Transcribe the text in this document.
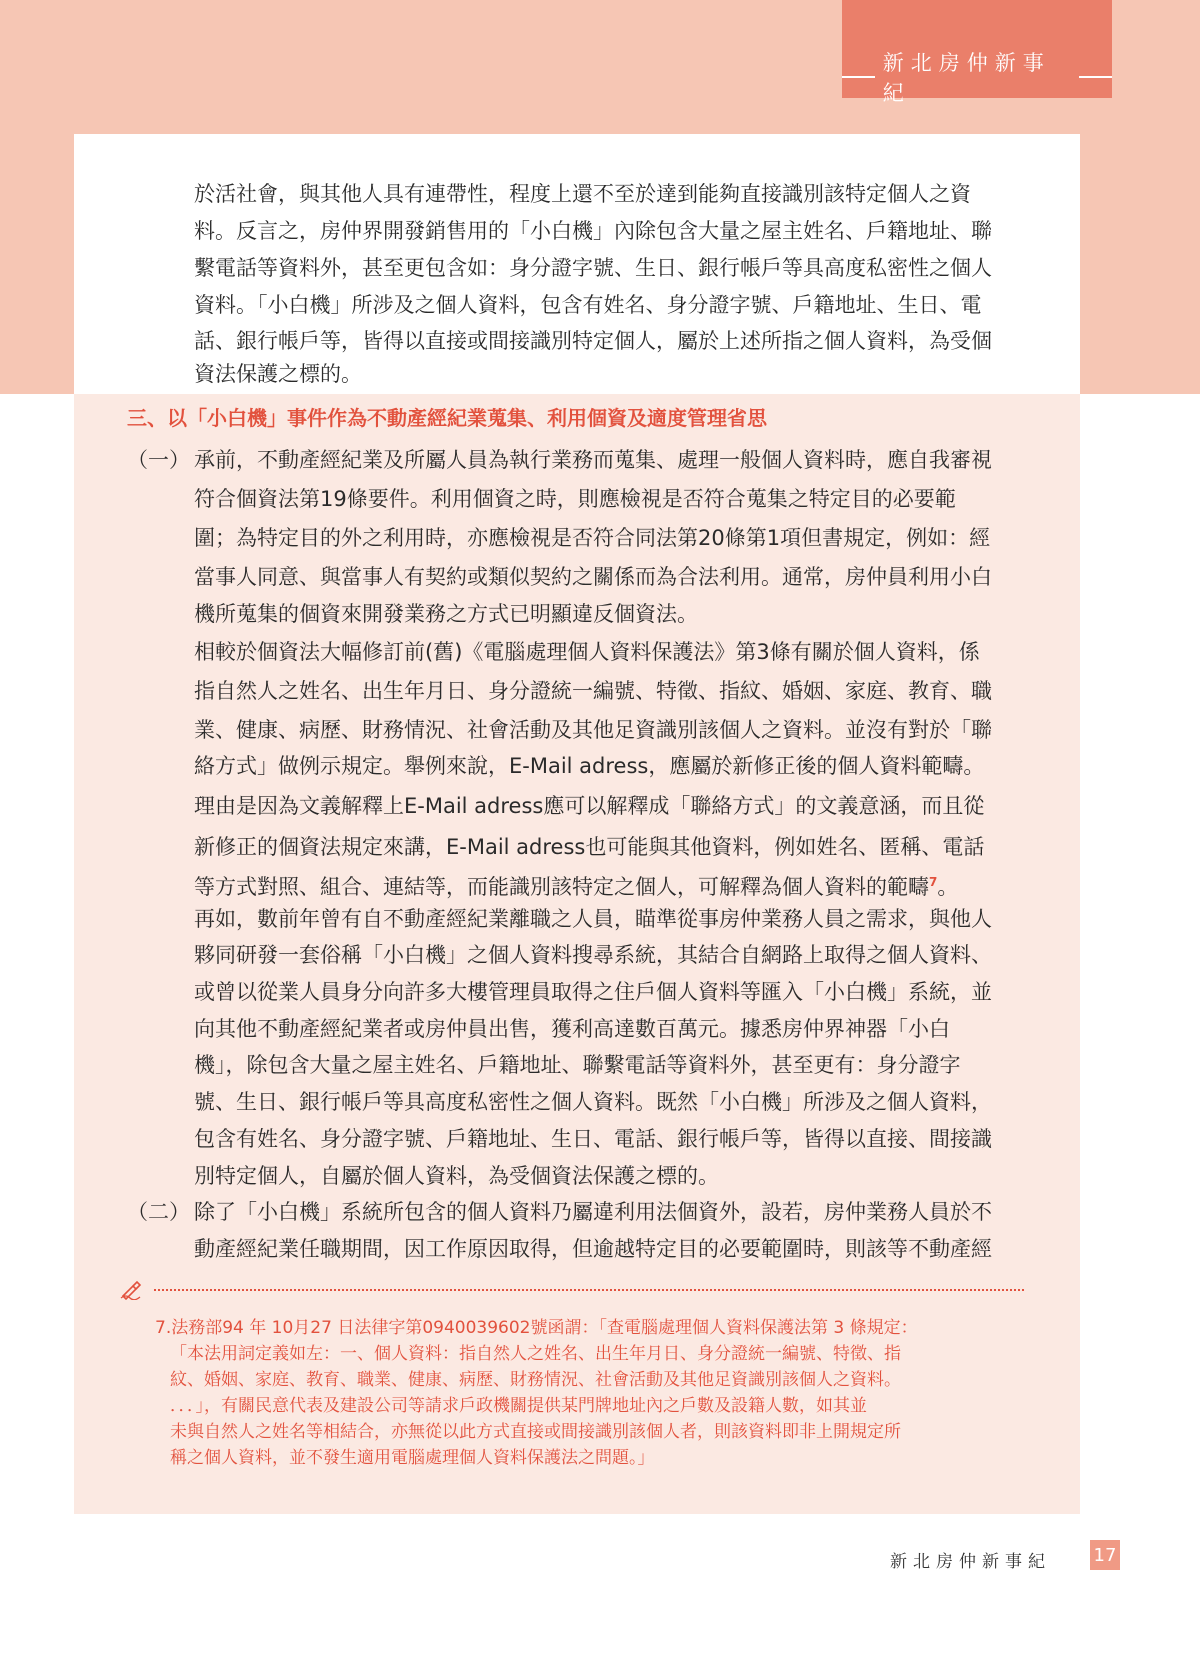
新北房仲新事紀
於活社會，與其他人具有連帶性，程度上還不至於達到能夠直接識別該特定個人之資
料。反言之，房仲界開發銷售用的「小白機」內除包含大量之屋主姓名、戶籍地址、聯
繫電話等資料外，甚至更包含如：身分證字號、生日、銀行帳戶等具高度私密性之個人
資料。「小白機」所涉及之個人資料，包含有姓名、身分證字號、戶籍地址、生日、電
話、銀行帳戶等，皆得以直接或間接識別特定個人，屬於上述所指之個人資料，為受個
資法保護之標的。
三、以「小白機」事件作為不動產經紀業蒐集、利用個資及適度管理省思
（一） 承前，不動產經紀業及所屬人員為執行業務而蒐集、處理一般個人資料時，應自我審視
符合個資法第19條要件。利用個資之時，則應檢視是否符合蒐集之特定目的必要範
圍；為特定目的外之利用時，亦應檢視是否符合同法第20條第1項但書規定，例如：經
當事人同意、與當事人有契約或類似契約之關係而為合法利用。通常，房仲員利用小白
機所蒐集的個資來開發業務之方式已明顯違反個資法。
相較於個資法大幅修訂前(舊)《電腦處理個人資料保護法》第3條有關於個人資料，係
指自然人之姓名、出生年月日、身分證統一編號、特徵、指紋、婚姻、家庭、教育、職
業、健康、病歷、財務情況、社會活動及其他足資識別該個人之資料。並沒有對於「聯
絡方式」做例示規定。舉例來說，E-Mail adress，應屬於新修正後的個人資料範疇。
理由是因為文義解釋上E-Mail adress應可以解釋成「聯絡方式」的文義意涵，而且從
新修正的個資法規定來講，E-Mail adress也可能與其他資料，例如姓名、匿稱、電話
等方式對照、組合、連結等，而能識別該特定之個人，可解釋為個人資料的範疇$^7$。
再如，數前年曾有自不動產經紀業離職之人員，瞄準從事房仲業務人員之需求，與他人
夥同研發一套俗稱「小白機」之個人資料搜尋系統，其結合自網路上取得之個人資料、
或曾以從業人員身分向許多大樓管理員取得之住戶個人資料等匯入「小白機」系統，並
向其他不動產經紀業者或房仲員出售，獲利高達數百萬元。據悉房仲界神器「小白
機」，除包含大量之屋主姓名、戶籍地址、聯繫電話等資料外，甚至更有：身分證字
號、生日、銀行帳戶等具高度私密性之個人資料。既然「小白機」所涉及之個人資料，
包含有姓名、身分證字號、戶籍地址、生日、電話、銀行帳戶等，皆得以直接、間接識
別特定個人，自屬於個人資料，為受個資法保護之標的。
（二） 除了「小白機」系統所包含的個人資料乃屬違利用法個資外，設若，房仲業務人員於不
動產經紀業任職期間，因工作原因取得，但逾越特定目的必要範圍時，則該等不動產經
7.法務部94 年 10月27 日法律字第0940039602號函謂：「查電腦處理個人資料保護法第 3 條規定：
「本法用詞定義如左：一、個人資料：指自然人之姓名、出生年月日、身分證統一編號、特徵、指
紋、婚姻、家庭、教育、職業、健康、病歷、財務情況、社會活動及其他足資識別該個人之資料。
．．．」，有關民意代表及建設公司等請求戶政機關提供某門牌地址內之戶數及設籍人數，如其並
未與自然人之姓名等相結合，亦無從以此方式直接或間接識別該個人者，則該資料即非上開規定所
稱之個人資料，並不發生適用電腦處理個人資料保護法之問題。」
新北房仲新事紀 17
